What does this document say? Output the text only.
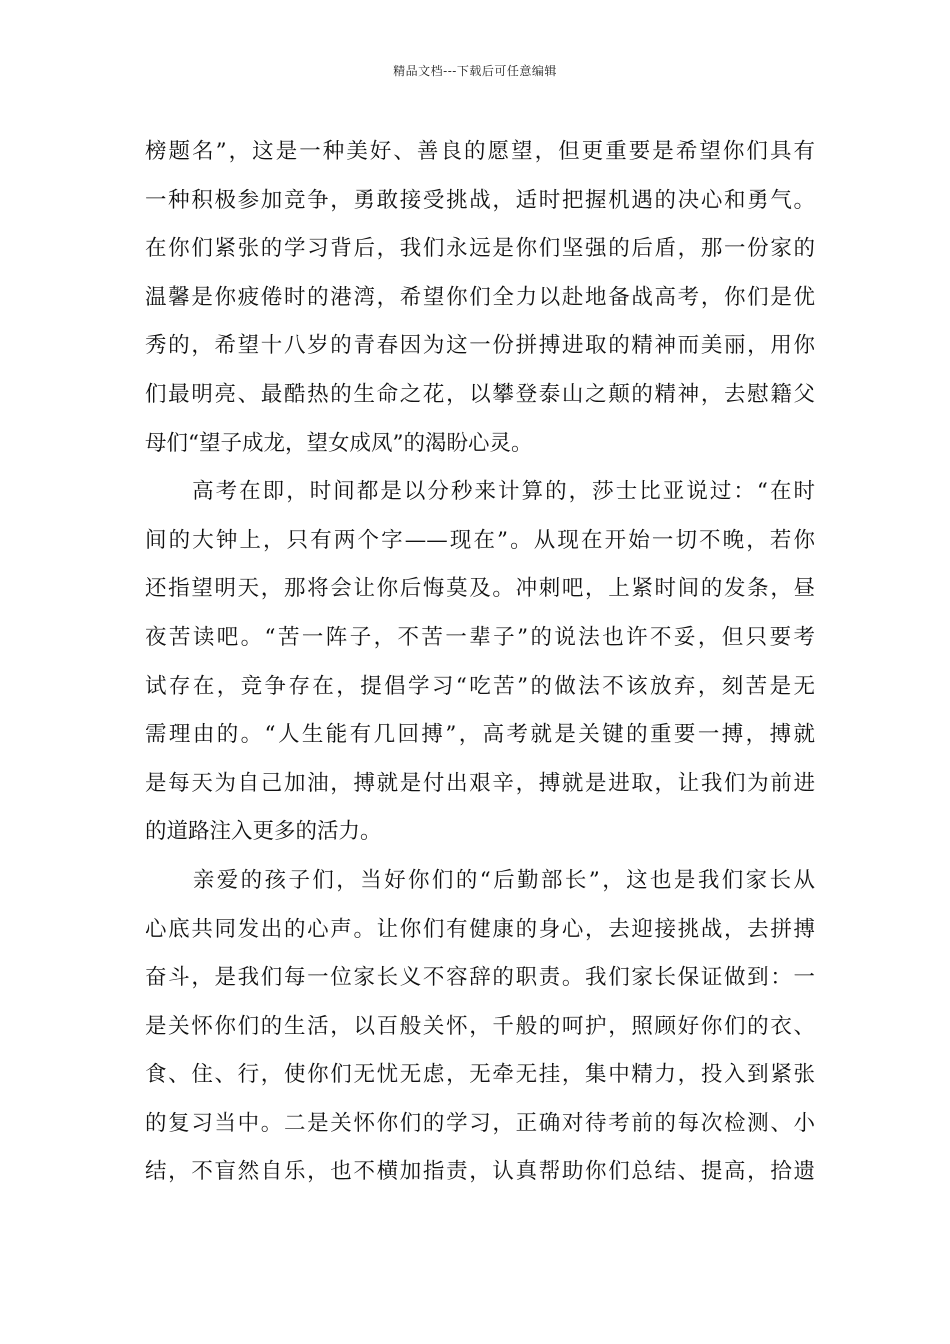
精品文档---下载后可任意编辑
榜题名”，这是一种美好、善良的愿望，但更重要是希望你们具有
一种积极参加竞争，勇敢接受挑战，适时把握机遇的决心和勇气。
在你们紧张的学习背后，我们永远是你们坚强的后盾，那一份家的
温馨是你疲倦时的港湾，希望你们全力以赴地备战高考，你们是优
秀的，希望十八岁的青春因为这一份拼搏进取的精神而美丽，用你
们最明亮、最酷热的生命之花，以攀登泰山之颠的精神，去慰籍父
母们“望子成龙，望女成凤”的渴盼心灵。
　　高考在即，时间都是以分秒来计算的，莎士比亚说过：“在时
间的大钟上，只有两个字——现在”。从现在开始一切不晚，若你
还指望明天，那将会让你后悔莫及。冲刺吧，上紧时间的发条，昼
夜苦读吧。“苦一阵子，不苦一辈子”的说法也许不妥，但只要考
试存在，竞争存在，提倡学习“吃苦”的做法不该放弃，刻苦是无
需理由的。“人生能有几回搏”，高考就是关键的重要一搏，搏就
是每天为自己加油，搏就是付出艰辛，搏就是进取，让我们为前进
的道路注入更多的活力。
　　亲爱的孩子们，当好你们的“后勤部长”，这也是我们家长从
心底共同发出的心声。让你们有健康的身心，去迎接挑战，去拼搏
奋斗，是我们每一位家长义不容辞的职责。我们家长保证做到：一
是关怀你们的生活，以百般关怀，千般的呵护，照顾好你们的衣、
食、住、行，使你们无忧无虑，无牵无挂，集中精力，投入到紧张
的复习当中。二是关怀你们的学习，正确对待考前的每次检测、小
结，不盲然自乐，也不横加指责，认真帮助你们总结、提高，拾遗
